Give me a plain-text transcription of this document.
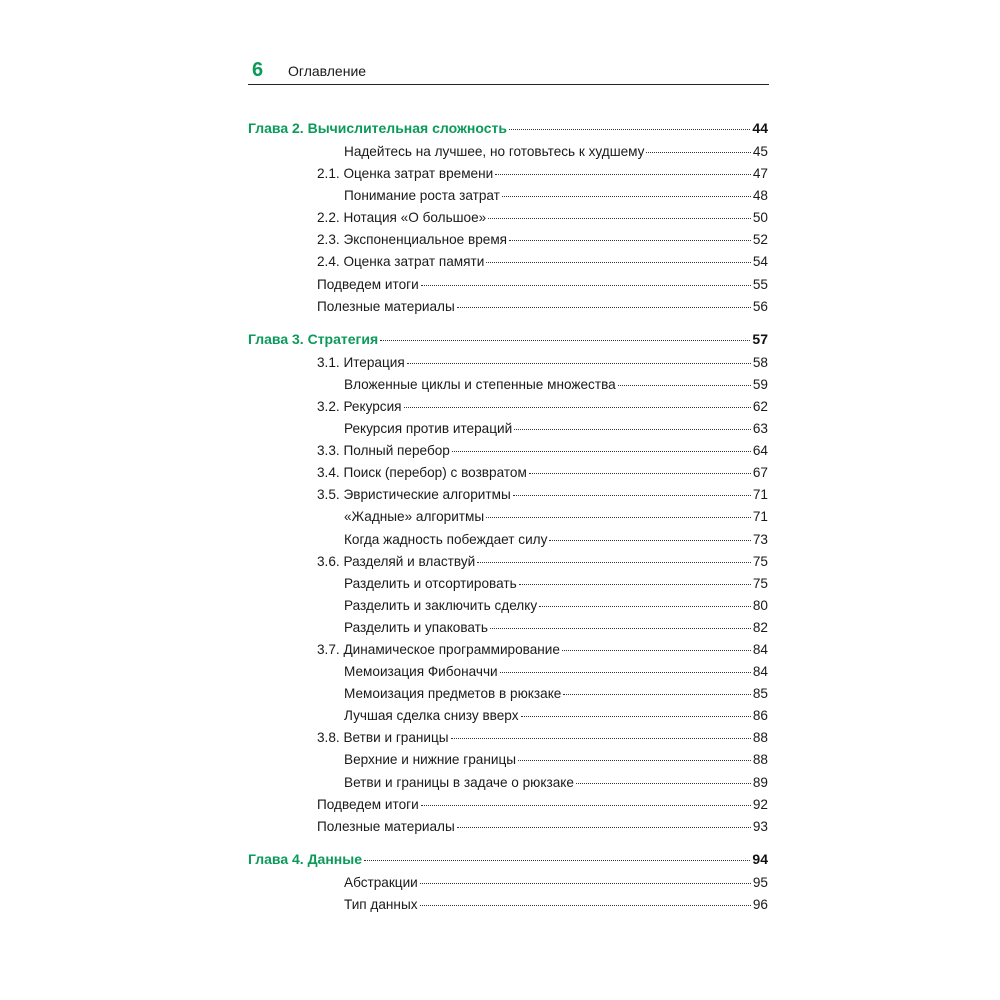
6 Оглавление
Глава 2. Вычислительная сложность	44
Надейтесь на лучшее, но готовьтесь к худшему	45
2.1. Оценка затрат времени	47
Понимание роста затрат	48
2.2. Нотация «О большое»	50
2.3. Экспоненциальное время	52
2.4. Оценка затрат памяти	54
Подведем итоги	55
Полезные материалы	56
Глава 3. Стратегия	57
3.1. Итерация	58
Вложенные циклы и степенные множества	59
3.2. Рекурсия	62
Рекурсия против итераций	63
3.3. Полный перебор	64
3.4. Поиск (перебор) с возвратом	67
3.5. Эвристические алгоритмы	71
«Жадные» алгоритмы	71
Когда жадность побеждает силу	73
3.6. Разделяй и властвуй	75
Разделить и отсортировать	75
Разделить и заключить сделку	80
Разделить и упаковать	82
3.7. Динамическое программирование	84
Мемоизация Фибоначчи	84
Мемоизация предметов в рюкзаке	85
Лучшая сделка снизу вверх	86
3.8. Ветви и границы	88
Верхние и нижние границы	88
Ветви и границы в задаче о рюкзаке	89
Подведем итоги	92
Полезные материалы	93
Глава 4. Данные	94
Абстракции	95
Тип данных	96
